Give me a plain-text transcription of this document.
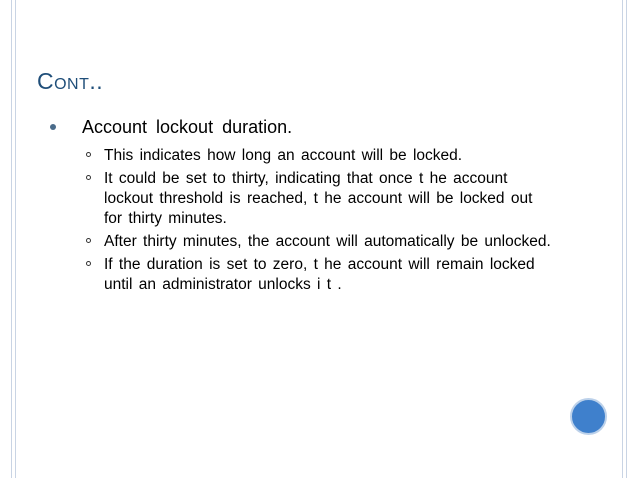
Cont..
Account lockout duration.
This indicates how long an account will be locked.
It could be set to thirty, indicating that once t he account lockout threshold is reached, t he account will be locked out for thirty minutes.
After thirty minutes, the account will automatically be unlocked.
If the duration is set to zero, t he account will remain locked until an administrator unlocks i t .
